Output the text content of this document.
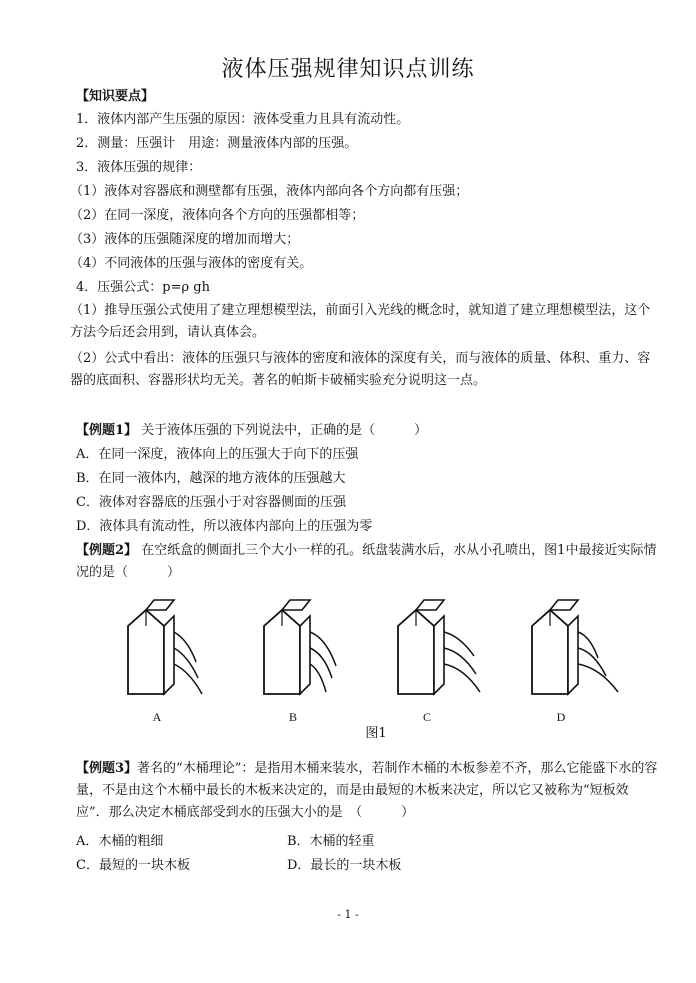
液体压强规律知识点训练
【知识要点】
1．液体内部产生压强的原因：液体受重力且具有流动性。
2．测量：压强计　用途：测量液体内部的压强。
3．液体压强的规律：
（1）液体对容器底和测壁都有压强，液体内部向各个方向都有压强；
（2）在同一深度，液体向各个方向的压强都相等；
（3）液体的压强随深度的增加而增大；
（4）不同液体的压强与液体的密度有关。
4．压强公式：p=ρ gh
（1）推导压强公式使用了建立理想模型法，前面引入光线的概念时，就知道了建立理想模型法，这个方法今后还会用到，请认真体会。
（2）公式中看出：液体的压强只与液体的密度和液体的深度有关，而与液体的质量、体积、重力、容器的底面积、容器形状均无关。著名的帕斯卡破桶实验充分说明这一点。
【例题1】 关于液体压强的下列说法中，正确的是（　　　）
A．在同一深度，液体向上的压强大于向下的压强
B．在同一液体内，越深的地方液体的压强越大
C．液体对容器底的压强小于对容器侧面的压强
D．液体具有流动性，所以液体内部向上的压强为零
【例题2】 在空纸盒的侧面扎三个大小一样的孔。纸盘装满水后，水从小孔喷出，图1中最接近实际情况的是（　　　）
A	B	C	D
图1
【例题3】著名的“木桶理论”：是指用木桶来装水，若制作木桶的木板参差不齐，那么它能盛下水的容量，不是由这个木桶中最长的木板来决定的，而是由最短的木板来决定，所以它又被称为“短板效应”．那么决定木桶底部受到水的压强大小的是　（　　　）
A．木桶的粗细	B．木桶的轻重
C．最短的一块木板	D．最长的一块木板
- 1 -
